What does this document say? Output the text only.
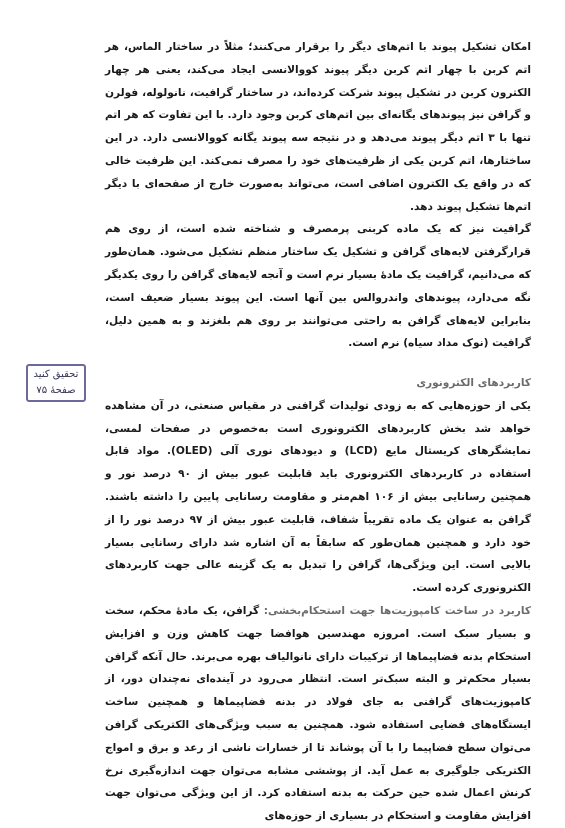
امکان تشکیل پیوند با اتم‌های دیگر را برقرار می‌کنند؛ مثلاً در ساختار الماس، هر اتم کربن با چهار اتم کربن دیگر پیوند کووالانسی ایجاد می‌کند، یعنی هر چهار الکترون کربن در تشکیل پیوند شرکت کرده‌اند، در ساختار گرافیت، نانولوله، فولرن و گرافن نیز پیوندهای یگانه‌ای بین اتم‌های کربن وجود دارد. با این تفاوت که هر اتم تنها با ۳ اتم دیگر پیوند می‌دهد و در نتیجه سه پیوند یگانه کووالانسی دارد. در این ساختارها، اتم کربن یکی از ظرفیت‌های خود را مصرف نمی‌کند. این ظرفیت خالی که در واقع یک الکترون اضافی است، می‌تواند به‌صورت خارج از صفحه‌ای با دیگر اتم‌ها تشکیل پیوند دهد.

گرافیت نیز که یک ماده کربنی پرمصرف و شناخته شده است، از روی هم قرارگرفتن لایه‌های گرافن و تشکیل یک ساختار منظم تشکیل می‌شود. همان‌طور که می‌دانیم، گرافیت یک مادهٔ بسیار نرم است و آنجه لایه‌های گرافن را روی یکدیگر نگه می‌دارد، پیوندهای واندروالس بین آنها است. این پیوند بسیار ضعیف است، بنابراین لایه‌های گرافن به راحتی می‌توانند بر روی هم بلغزند و به همین دلیل، گرافیت (نوک مداد سیاه) نرم است.

تحقیق کنید
صفحهٔ ۷۵

کاربردهای الکترونوری

یکی از حوزه‌هایی که به زودی تولیدات گرافنی در مقیاس صنعتی، در آن مشاهده خواهد شد بخش کاربردهای الکترونوری است به‌خصوص در صفحات لمسی، نمایشگرهای کریستال مایع (LCD) و دیودهای نوری آلی (OLED). مواد قابل استفاده در کاربردهای الکترونوری باید قابلیت عبور بیش از ۹۰ درصد نور و همچنین رسانایی بیش از ۱۰۶ اهم‌متر و مقاومت رسانایی پایین را داشته باشند. گرافن به عنوان یک ماده تقریباً شفاف، قابلیت عبور بیش از ۹۷ درصد نور را از خود دارد و همچنین همان‌طور که سابقاً به آن اشاره شد دارای رسانایی بسیار بالایی است. این ویژگی‌ها، گرافن را تبدیل به یک گزینه عالی جهت کاربردهای الکترونوری کرده است.

کاربرد در ساخت کامپوزیت‌ها جهت استحکام‌بخشی: گرافن، یک مادهٔ محکم، سخت و بسیار سبک است. امروزه مهندسین هوافضا جهت کاهش وزن و افزایش استحکام بدنه فضاپیماها از ترکیبات دارای نانوالیاف بهره می‌برند. حال آنکه گرافن بسیار محکم‌تر و البته سبک‌تر است. انتظار می‌رود در آینده‌ای نه‌چندان دور، از کامپوزیت‌های گرافنی به جای فولاد در بدنه فضاپیماها و همچنین ساخت ایستگاه‌های فضایی استفاده شود. همچنین به سبب ویژگی‌های الکتریکی گرافن می‌توان سطح فضاپیما را با آن پوشاند تا از خسارات ناشی از رعد و برق و امواج الکتریکی جلوگیری به عمل آید. از پوششی مشابه می‌توان جهت اندازه‌گیری نرخ کرنش اعمال شده حین حرکت به بدنه استفاده کرد. از این ویژگی می‌توان جهت افزایش مقاومت و استحکام در بسیاری از حوزه‌های
